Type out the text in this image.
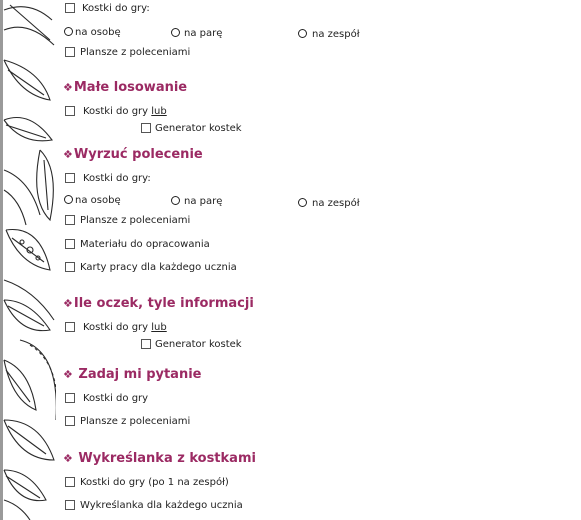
Kostki do gry:
na osobę	na parę	na zespół
Plansze z poleceniami
❖Małe losowanie
Kostki do gry lub
Generator kostek
❖Wyrzuć polecenie
Kostki do gry:
na osobę	na parę	na zespół
Plansze z poleceniami
Materiału do opracowania
Karty pracy dla każdego ucznia
❖Ile oczek, tyle informacji
Kostki do gry lub
Generator kostek
❖ Zadaj mi pytanie
Kostki do gry
Plansze z poleceniami
❖ Wykreślanka z kostkami
Kostki do gry (po 1 na zespół)
Wykreślanka dla każdego ucznia
